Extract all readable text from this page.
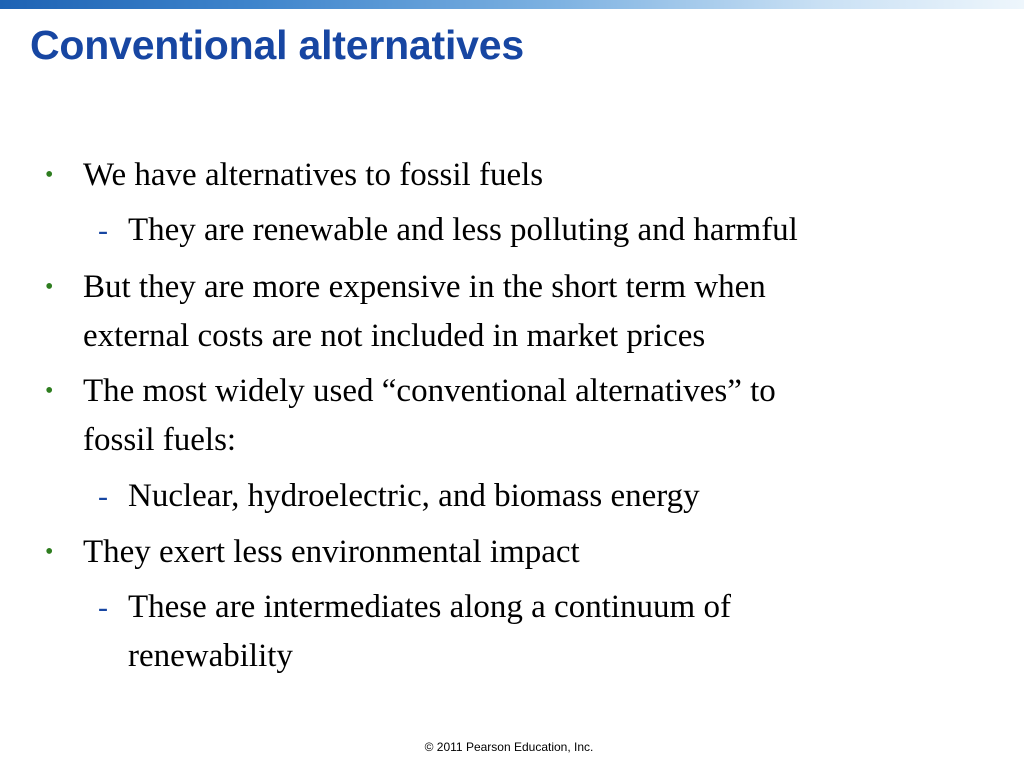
Conventional alternatives
• We have alternatives to fossil fuels
- They are renewable and less polluting and harmful
• But they are more expensive in the short term when
external costs are not included in market prices
• The most widely used “conventional alternatives” to
fossil fuels:
- Nuclear, hydroelectric, and biomass energy
• They exert less environmental impact
- These are intermediates along a continuum of
renewability
© 2011 Pearson Education, Inc.
